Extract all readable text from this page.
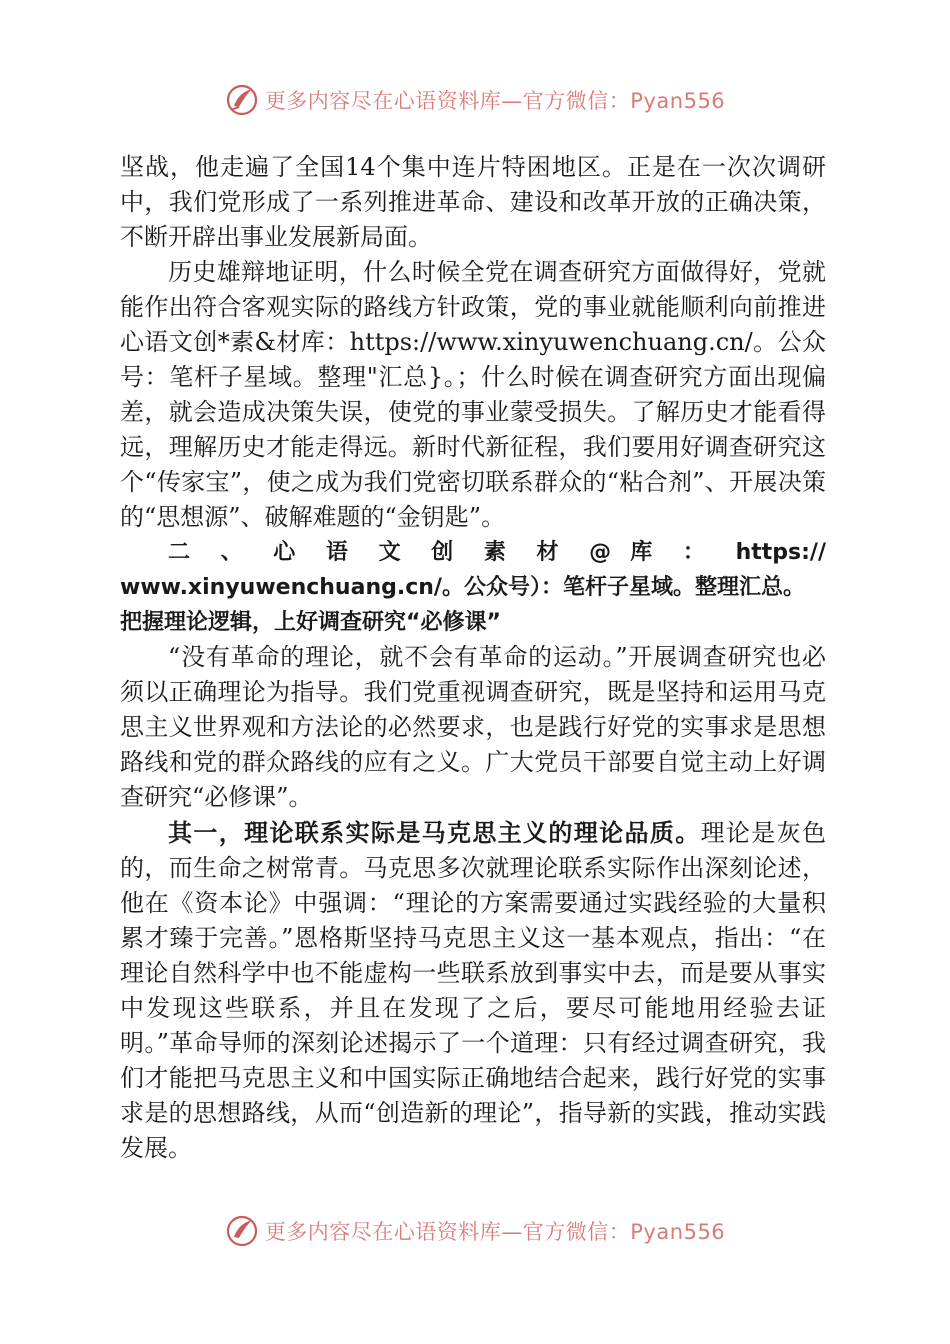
更多内容尽在心语资料库—官方微信：Pyan556

坚战，他走遍了全国14个集中连片特困地区。正是在一次次调研中，我们党形成了一系列推进革命、建设和改革开放的正确决策，不断开辟出事业发展新局面。

历史雄辩地证明，什么时候全党在调查研究方面做得好，党就能作出符合客观实际的路线方针政策，党的事业就能顺利向前推进心语文创*素&材库：https://www.xinyuwenchuang.cn/。公众号：笔杆子星域。整理"汇总}。；什么时候在调查研究方面出现偏差，就会造成决策失误，使党的事业蒙受损失。了解历史才能看得远，理解历史才能走得远。新时代新征程，我们要用好调查研究这个“传家宝”，使之成为我们党密切联系群众的“粘合剂”、开展决策的“思想源”、破解难题的“金钥匙”。

二 、 心 语 文 创 素 材 @ 库 ： https://
www.xinyuwenchuang.cn/。公众号）：笔杆子星域。整理汇总。
把握理论逻辑，上好调查研究“必修课”

“没有革命的理论，就不会有革命的运动。”开展调查研究也必须以正确理论为指导。我们党重视调查研究，既是坚持和运用马克思主义世界观和方法论的必然要求，也是践行好党的实事求是思想路线和党的群众路线的应有之义。广大党员干部要自觉主动上好调查研究“必修课”。

其一，理论联系实际是马克思主义的理论品质。理论是灰色的，而生命之树常青。马克思多次就理论联系实际作出深刻论述，他在《资本论》中强调：“理论的方案需要通过实践经验的大量积累才臻于完善。”恩格斯坚持马克思主义这一基本观点，指出：“在理论自然科学中也不能虚构一些联系放到事实中去，而是要从事实中发现这些联系，并且在发现了之后，要尽可能地用经验去证明。”革命导师的深刻论述揭示了一个道理：只有经过调查研究，我们才能把马克思主义和中国实际正确地结合起来，践行好党的实事求是的思想路线，从而“创造新的理论”，指导新的实践，推动实践发展。

更多内容尽在心语资料库—官方微信：Pyan556
